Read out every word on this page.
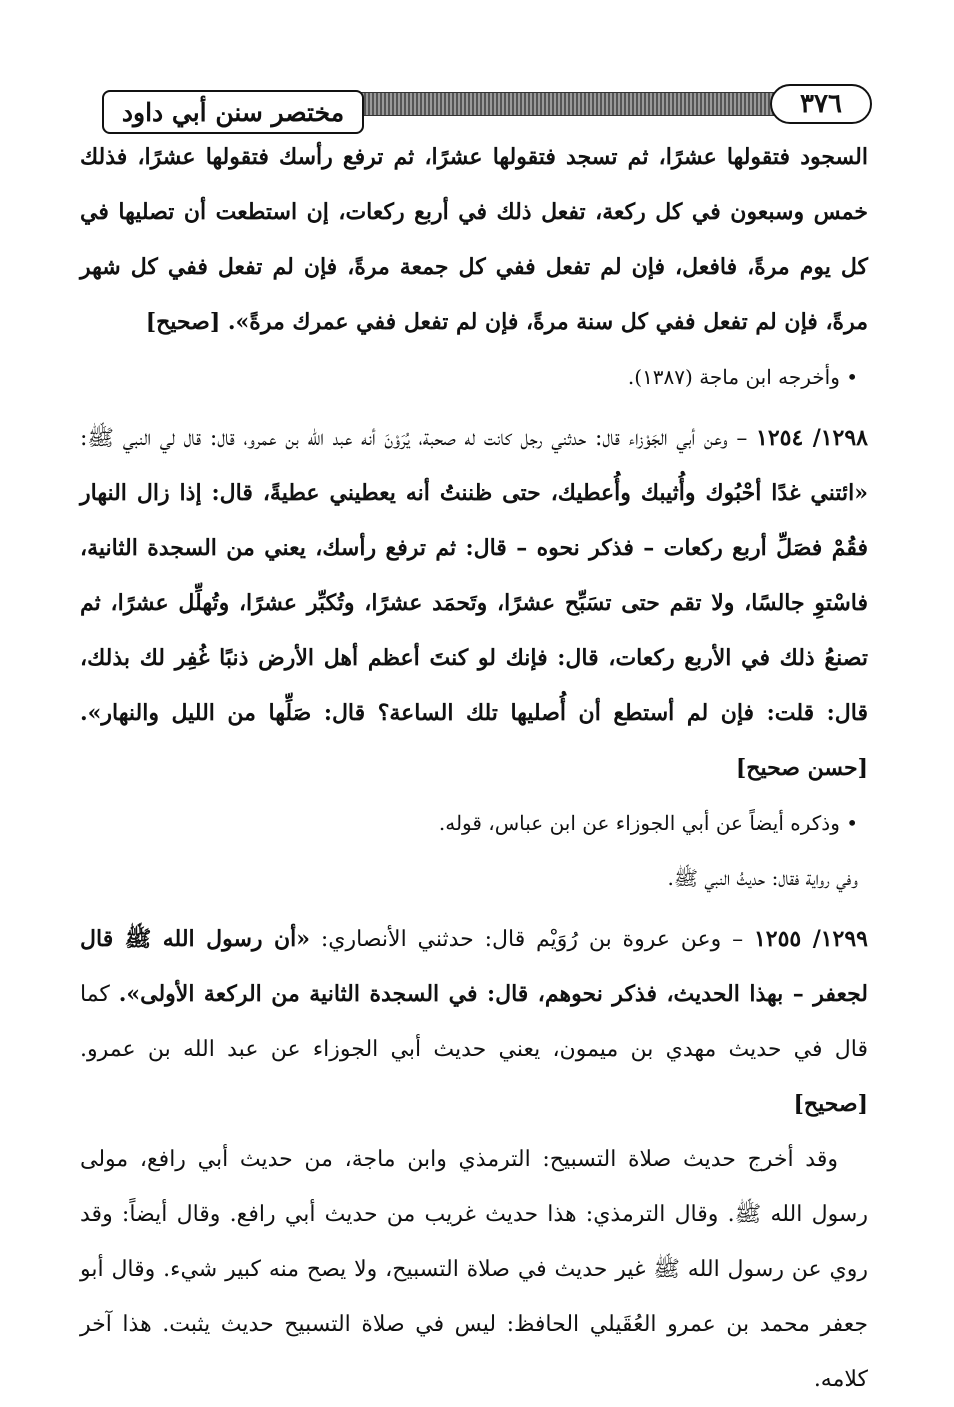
مختصر سنن أبي داود	٣٧٦

السجود فتقولها عشرًا، ثم تسجد فتقولها عشرًا، ثم ترفع رأسك فتقولها عشرًا، فذلك خمس وسبعون في كل ركعة، تفعل ذلك في أربع ركعات، إن استطعت أن تصليها في كل يوم مرةً، فافعل، فإن لم تفعل ففي كل جمعة مرةً، فإن لم تفعل ففي كل شهر مرةً، فإن لم تفعل ففي كل سنة مرةً، فإن لم تفعل ففي عمرك مرةً». [صحيح]

• وأخرجه ابن ماجة (١٣٨٧).

١٢٩٨/ ١٢٥٤ – وعن أبي الجَوْزاء قال: حدثني رجل كانت له صحبة، يُرَوْنَ أنه عبد الله بن عمرو، قال: قال لي النبي ﷺ: «ائتني غدًا أحْبُوك وأُثيبك وأُعطيك، حتى ظننتُ أنه يعطيني عطيةً، قال: إذا زال النهار فقُمْ فصَلِّ أربع ركعات – فذكر نحوه – قال: ثم ترفع رأسك، يعني من السجدة الثانية، فاسْتوِ جالسًا، ولا تقم حتى تسَبِّح عشرًا، وتَحمَد عشرًا، وتُكبِّر عشرًا، وتُهلِّل عشرًا، ثم تصنعُ ذلك في الأربع ركعات، قال: فإنك لو كنتَ أعظم أهل الأرض ذنبًا غُفِر لك بذلك، قال: قلت: فإن لم أستطع أن أُصليها تلك الساعة؟ قال: صَلِّها من الليل والنهار». [حسن صحيح]

• وذكره أيضاً عن أبي الجوزاء عن ابن عباس، قوله.

وفي رواية فقال: حديثُ النبي ﷺ.

١٢٩٩/ ١٢٥٥ – وعن عروة بن رُوَيْم قال: حدثني الأنصاري: «أن رسول الله ﷺ قال لجعفر – بهذا الحديث، فذكر نحوهم، قال: في السجدة الثانية من الركعة الأولى». كما قال في حديث مهدي بن ميمون، يعني حديث أبي الجوزاء عن عبد الله بن عمرو. [صحيح]

وقد أخرج حديث صلاة التسبيح: الترمذي وابن ماجة، من حديث أبي رافع، مولى رسول الله ﷺ. وقال الترمذي: هذا حديث غريب من حديث أبي رافع. وقال أيضاً: وقد روي عن رسول الله ﷺ غير حديث في صلاة التسبيح، ولا يصح منه كبير شيء. وقال أبو جعفر محمد بن عمرو العُقَيلي الحافظ: ليس في صلاة التسبيح حديث يثبت. هذا آخر كلامه.
